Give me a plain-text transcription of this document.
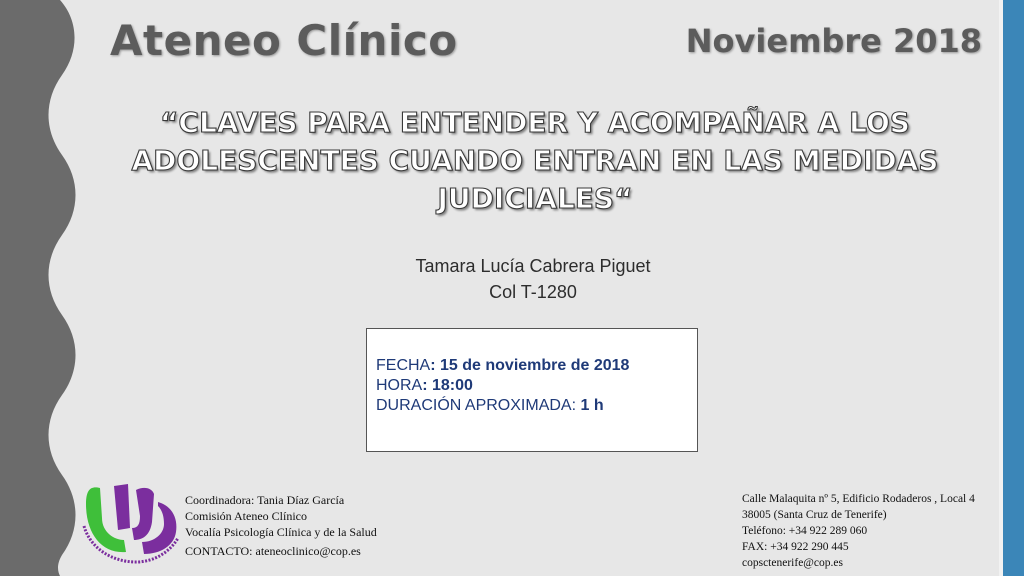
Ateneo Clínico	Noviembre 2018
“CLAVES PARA ENTENDER Y ACOMPAÑAR A LOS
ADOLESCENTES CUANDO ENTRAN EN LAS MEDIDAS
JUDICIALES“
Tamara Lucía Cabrera Piguet
Col T-1280
FECHA: 15 de noviembre de 2018
HORA: 18:00
DURACIÓN APROXIMADA: 1 h
Coordinadora: Tania Díaz García
Comisión Ateneo Clínico
Vocalía Psicología Clínica y de la Salud
CONTACTO: ateneoclinico@cop.es
Calle Malaquita nº 5, Edificio Rodaderos , Local 4
38005 (Santa Cruz de Tenerife)
Teléfono: +34 922 289 060
FAX: +34 922 290 445
copsctenerife@cop.es
